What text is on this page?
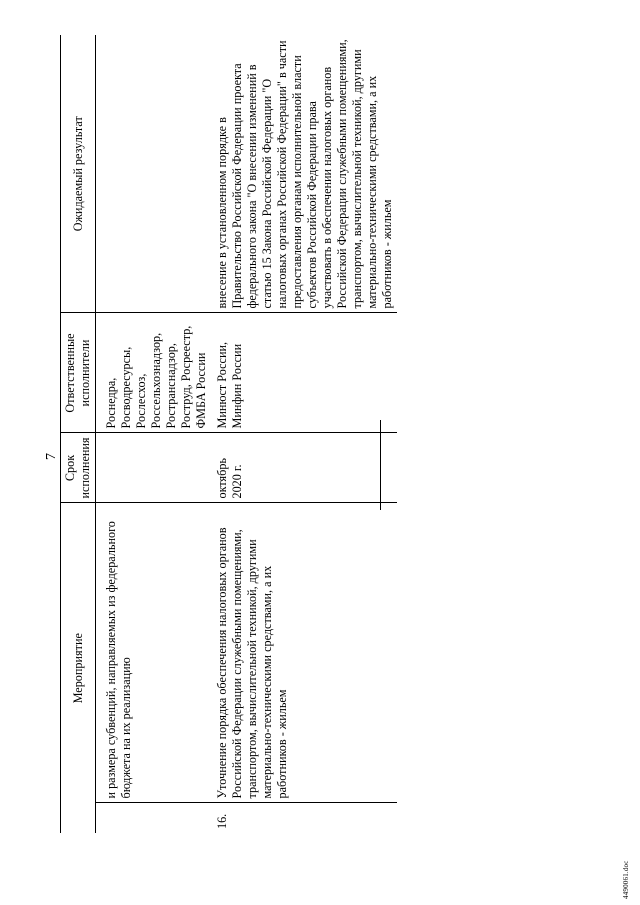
7
Мероприятие		Срок исполнения	Ответственные исполнители	Ожидаемый результат
	и размера субвенций, направляемых из федерального бюджета на их реализацию		Роснедра, Росводресурсы, Рослесхоз, Россельхознадзор, Ространснадзор, Роструд, Росреестр, ФМБА России	
16.	Уточнение порядка обеспечения налоговых органов Российской Федерации служебными помещениями, транспортом, вычислительной техникой, другими материально-техническими средствами, а их работников - жильем	октябрь 2020 г.	Минюст России, Минфин России	внесение в установленном порядке в Правительство Российской Федерации проекта федерального закона "О внесении изменений в статью 15 Закона Российской Федерации "О налоговых органах Российской Федерации" в части предоставления органам исполнительной власти субъектов Российской Федерации права участвовать в обеспечении налоговых органов Российской Федерации служебными помещениями, транспортом, вычислительной техникой, другими материально-техническими средствами, а их работников - жильем
4490061.doc
